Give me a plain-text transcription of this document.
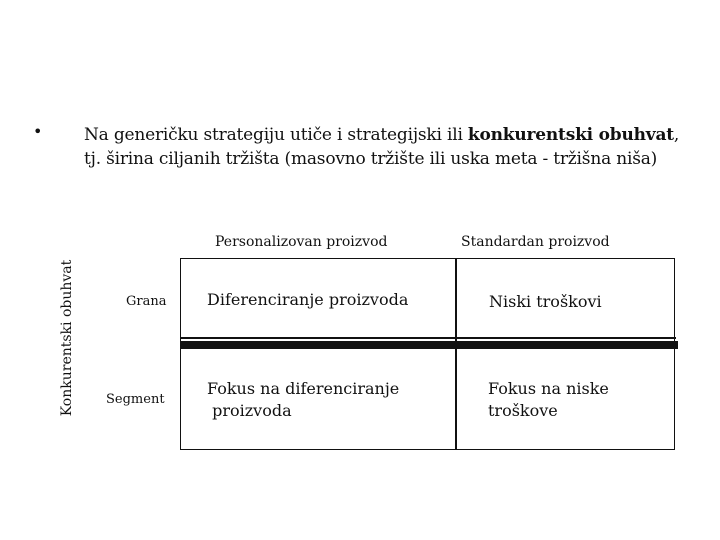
• Na generičku strategiju utiče i strategijski ili konkurentski obuhvat, tj. širina ciljanih tržišta (masovno tržište ili uska meta - tržišna niša)
Konkurentski obuhvat
Personalizovan proizvod	Standardan proizvod
Grana
Segment
Diferenciranje proizvoda	Niski troškovi
Fokus na diferenciranje
proizvoda
Fokus na niske
troškove
